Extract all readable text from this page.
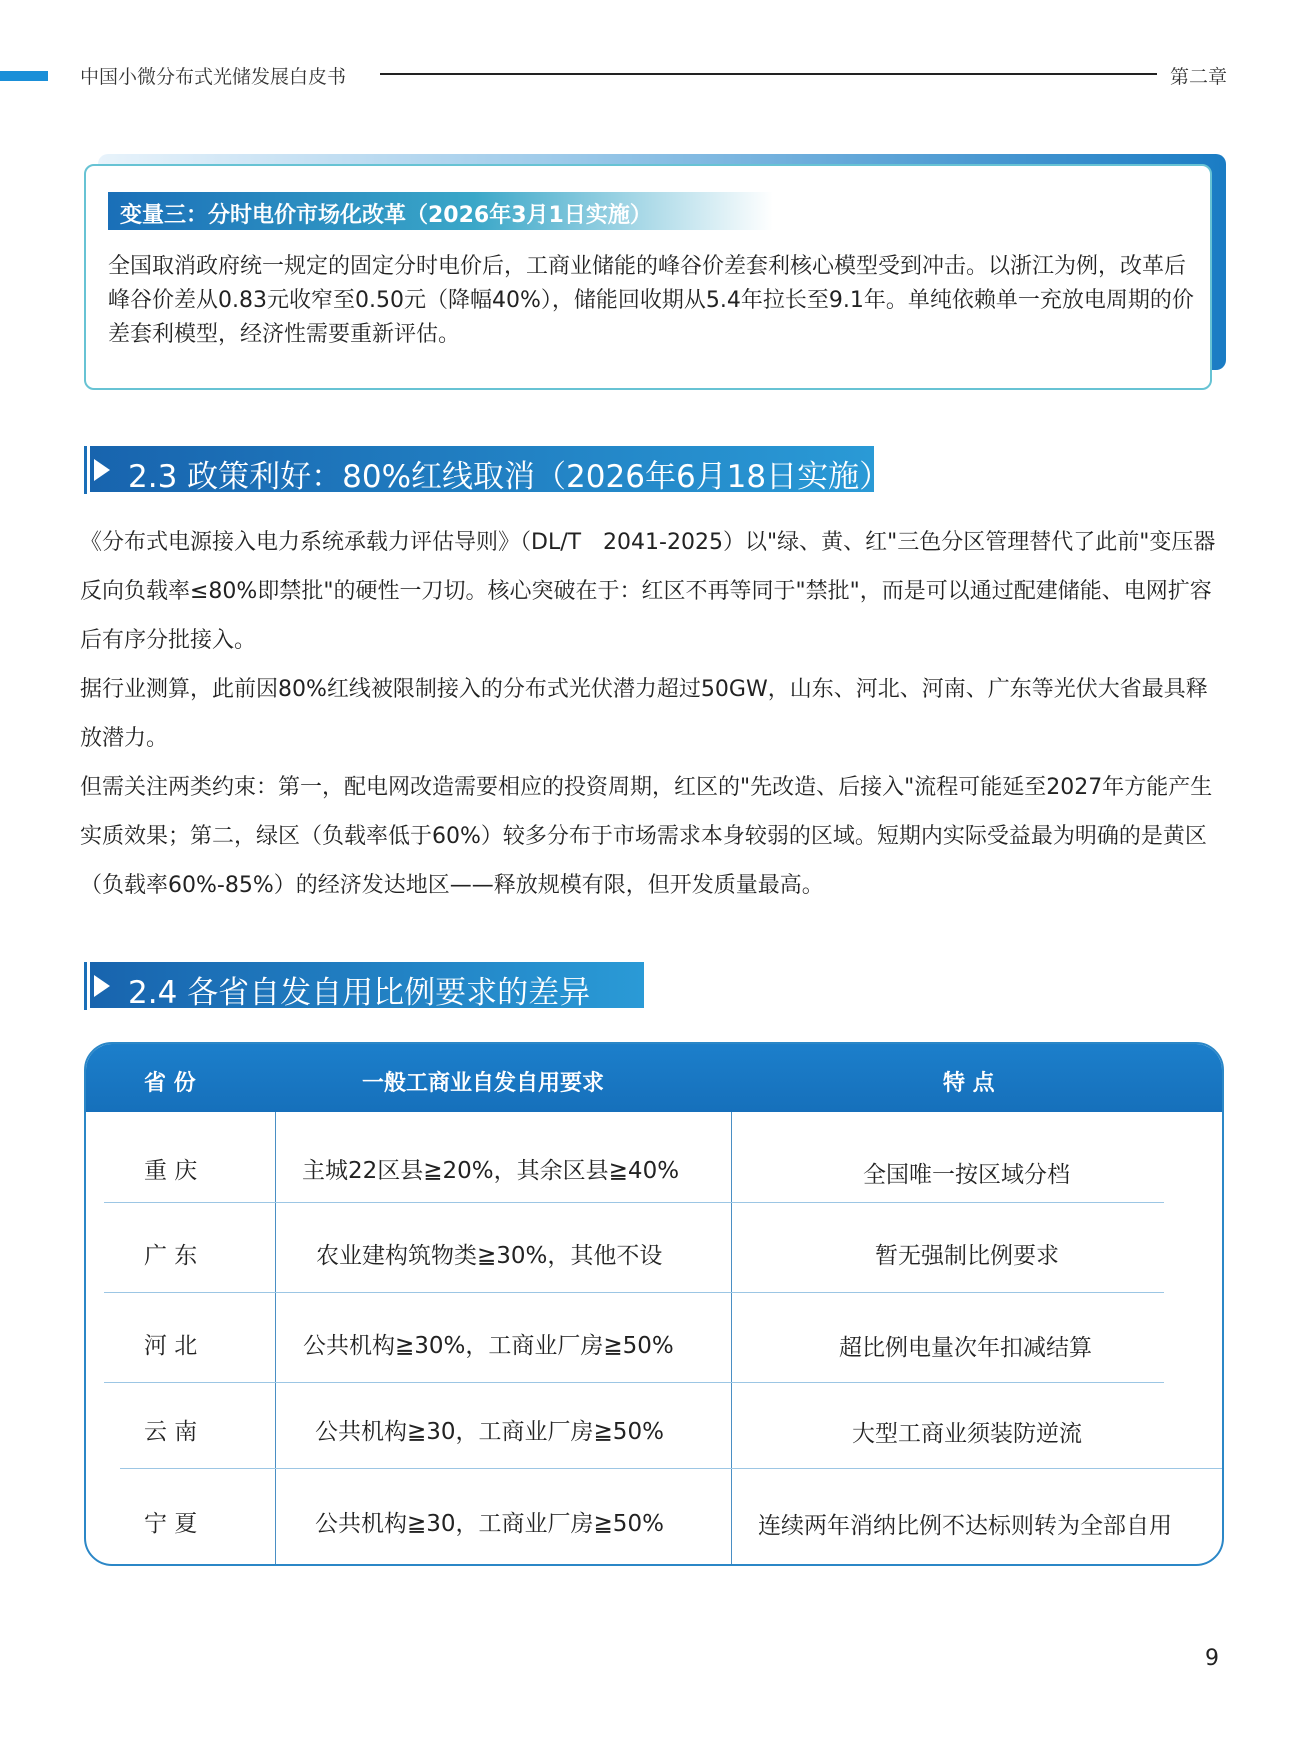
中国小微分布式光储发展白皮书	第二章
变量三：分时电价市场化改革（2026年3月1日实施）
全国取消政府统一规定的固定分时电价后，工商业储能的峰谷价差套利核心模型受到冲击。以浙江为例，改革后峰谷价差从0.83元收窄至0.50元（降幅40%），储能回收期从5.4年拉长至9.1年。单纯依赖单一充放电周期的价差套利模型，经济性需要重新评估。
2.3 政策利好：80%红线取消（2026年6月18日实施）

《分布式电源接入电力系统承载力评估导则》（DL/T　2041-2025）以"绿、黄、红"三色分区管理替代了此前"变压器反向负载率≤80%即禁批"的硬性一刀切。核心突破在于：红区不再等同于"禁批"，而是可以通过配建储能、电网扩容后有序分批接入。

据行业测算，此前因80%红线被限制接入的分布式光伏潜力超过50GW，山东、河北、河南、广东等光伏大省最具释放潜力。

但需关注两类约束：第一，配电网改造需要相应的投资周期，红区的"先改造、后接入"流程可能延至2027年方能产生实质效果；第二，绿区（负载率低于60%）较多分布于市场需求本身较弱的区域。短期内实际受益最为明确的是黄区（负载率60%-85%）的经济发达地区——释放规模有限，但开发质量最高。

2.4 各省自发自用比例要求的差异
省 份	一般工商业自发自用要求	特 点
重 庆	主城22区县≧20%，其余区县≧40%	全国唯一按区域分档
广 东	农业建构筑物类≧30%，其他不设	暂无强制比例要求
河 北	公共机构≧30%，工商业厂房≧50%	超比例电量次年扣减结算
云 南	公共机构≧30，工商业厂房≧50%	大型工商业须装防逆流
宁 夏	公共机构≧30，工商业厂房≧50%	连续两年消纳比例不达标则转为全部自用
9
